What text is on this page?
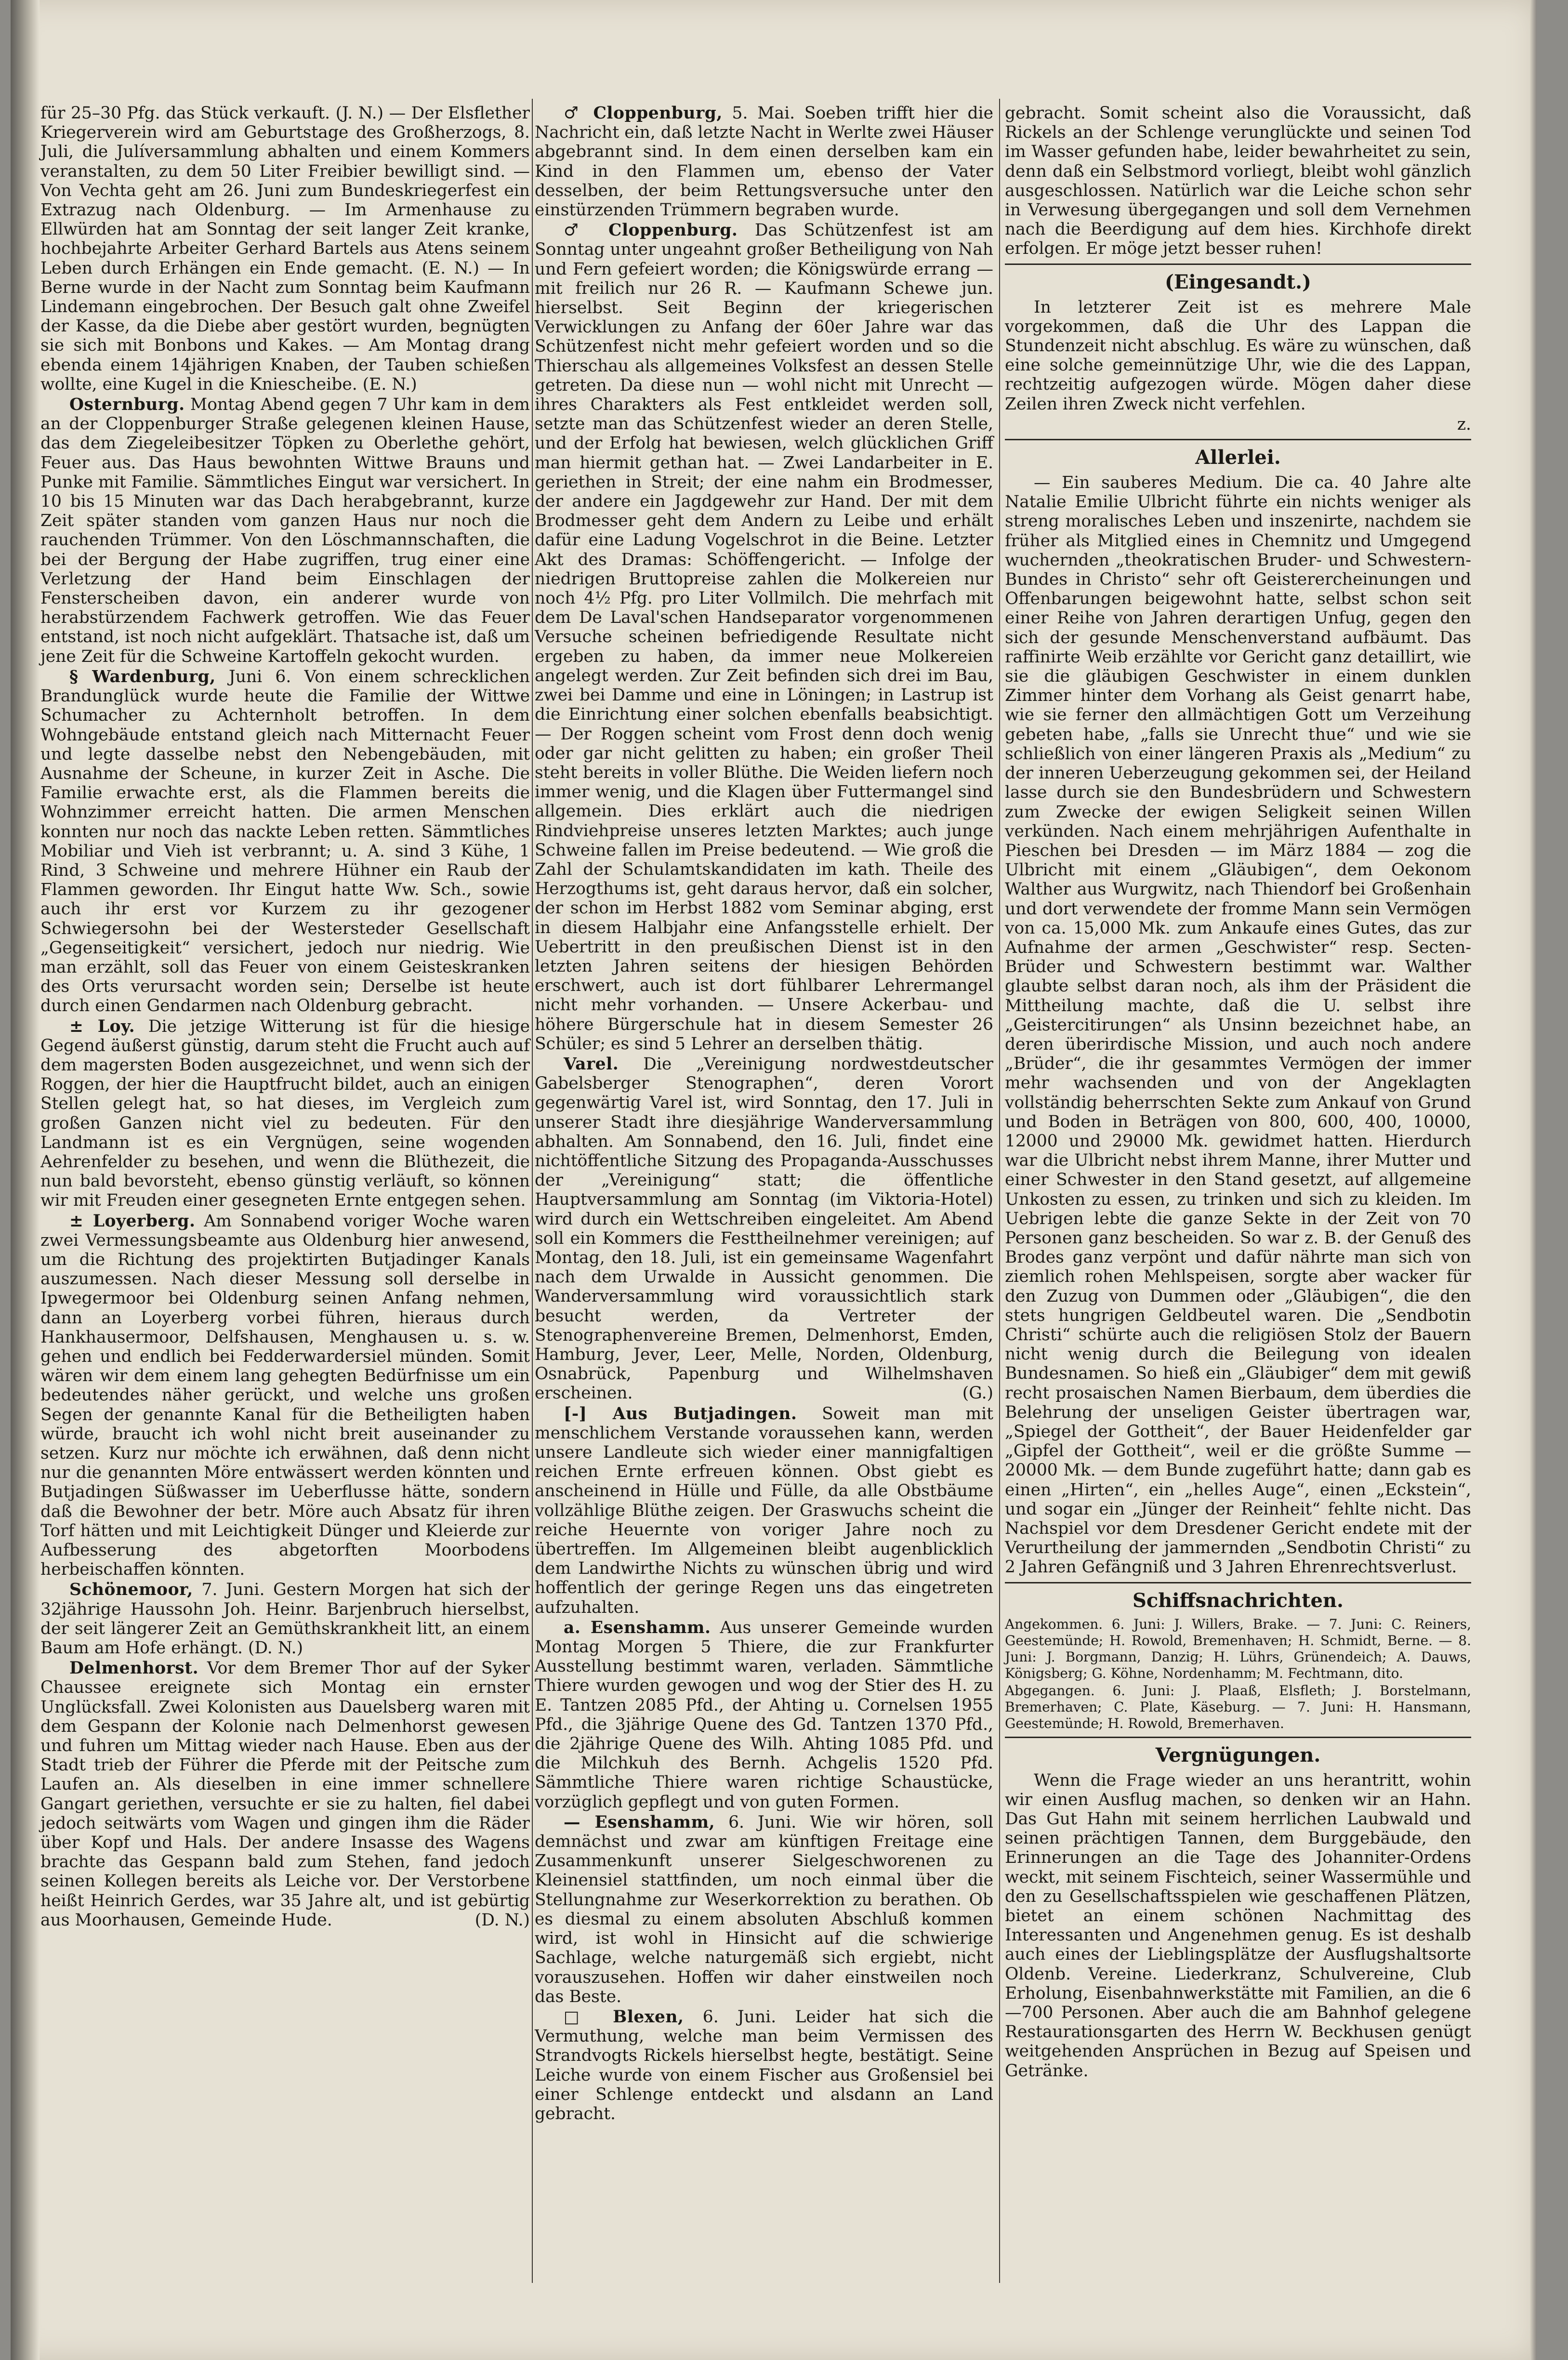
für 25–30 Pfg. das Stück verkauft. (J. N.) — Der Elsflether Kriegerverein wird am Geburtstage des Großherzogs, 8. Juli, die Julíversammlung abhalten und einem Kommers veranstalten, zu dem 50 Liter Freibier bewilligt sind. — Von Vechta geht am 26. Juni zum Bundeskriegerfest ein Extrazug nach Oldenburg. — Im Armenhause zu Ellwürden hat am Sonntag der seit langer Zeit kranke, hochbejahrte Arbeiter Gerhard Bartels aus Atens seinem Leben durch Erhängen ein Ende gemacht. (E. N.) — In Berne wurde in der Nacht zum Sonntag beim Kaufmann Lindemann eingebrochen. Der Besuch galt ohne Zweifel der Kasse, da die Diebe aber gestört wurden, begnügten sie sich mit Bonbons und Kakes. — Am Montag drang ebenda einem 14jährigen Knaben, der Tauben schießen wollte, eine Kugel in die Kniescheibe. (E. N.)

Osternburg. Montag Abend gegen 7 Uhr kam in dem an der Cloppenburger Straße gelegenen kleinen Hause, das dem Ziegeleibesitzer Töpken zu Oberlethe gehört, Feuer aus. Das Haus bewohnten Wittwe Brauns und Punke mit Familie. Sämmtliches Eingut war versichert. In 10 bis 15 Minuten war das Dach herabgebrannt, kurze Zeit später standen vom ganzen Haus nur noch die rauchenden Trümmer. Von den Löschmannschaften, die bei der Bergung der Habe zugriffen, trug einer eine Verletzung der Hand beim Einschlagen der Fensterscheiben davon, ein anderer wurde von herabstürzendem Fachwerk getroffen. Wie das Feuer entstand, ist noch nicht aufgeklärt. Thatsache ist, daß um jene Zeit für die Schweine Kartoffeln gekocht wurden.

§ Wardenburg, Juni 6. Von einem schrecklichen Brandunglück wurde heute die Familie der Wittwe Schumacher zu Achternholt betroffen. In dem Wohngebäude entstand gleich nach Mitternacht Feuer und legte dasselbe nebst den Nebengebäuden, mit Ausnahme der Scheune, in kurzer Zeit in Asche. Die Familie erwachte erst, als die Flammen bereits die Wohnzimmer erreicht hatten. Die armen Menschen konnten nur noch das nackte Leben retten. Sämmtliches Mobiliar und Vieh ist verbrannt; u. A. sind 3 Kühe, 1 Rind, 3 Schweine und mehrere Hühner ein Raub der Flammen geworden. Ihr Eingut hatte Ww. Sch., sowie auch ihr erst vor Kurzem zu ihr gezogener Schwiegersohn bei der Westersteder Gesellschaft „Gegenseitigkeit“ versichert, jedoch nur niedrig. Wie man erzählt, soll das Feuer von einem Geisteskranken des Orts verursacht worden sein; Derselbe ist heute durch einen Gendarmen nach Oldenburg gebracht.

± Loy. Die jetzige Witterung ist für die hiesige Gegend äußerst günstig, darum steht die Frucht auch auf dem magersten Boden ausgezeichnet, und wenn sich der Roggen, der hier die Hauptfrucht bildet, auch an einigen Stellen gelegt hat, so hat dieses, im Vergleich zum großen Ganzen nicht viel zu bedeuten. Für den Landmann ist es ein Vergnügen, seine wogenden Aehrenfelder zu besehen, und wenn die Blüthezeit, die nun bald bevorsteht, ebenso günstig verläuft, so können wir mit Freuden einer gesegneten Ernte entgegen sehen.

± Loyerberg. Am Sonnabend voriger Woche waren zwei Vermessungsbeamte aus Oldenburg hier anwesend, um die Richtung des projektirten Butjadinger Kanals auszumessen. Nach dieser Messung soll derselbe in Ipwegermoor bei Oldenburg seinen Anfang nehmen, dann an Loyerberg vorbei führen, hieraus durch Hankhausermoor, Delfshausen, Menghausen u. s. w. gehen und endlich bei Fedderwardersiel münden. Somit wären wir dem einem lang gehegten Bedürfnisse um ein bedeutendes näher gerückt, und welche uns großen Segen der genannte Kanal für die Betheiligten haben würde, braucht ich wohl nicht breit auseinander zu setzen. Kurz nur möchte ich erwähnen, daß denn nicht nur die genannten Möre entwässert werden könnten und Butjadingen Süßwasser im Ueberflusse hätte, sondern daß die Bewohner der betr. Möre auch Absatz für ihren Torf hätten und mit Leichtigkeit Dünger und Kleierde zur Aufbesserung des abgetorften Moorbodens herbeischaffen könnten.

Schönemoor, 7. Juni. Gestern Morgen hat sich der 32jährige Haussohn Joh. Heinr. Barjenbruch hierselbst, der seit längerer Zeit an Gemüthskrankheit litt, an einem Baum am Hofe erhängt. (D. N.)

Delmenhorst. Vor dem Bremer Thor auf der Syker Chaussee ereignete sich Montag ein ernster Unglücksfall. Zwei Kolonisten aus Dauelsberg waren mit dem Gespann der Kolonie nach Delmenhorst gewesen und fuhren um Mittag wieder nach Hause. Eben aus der Stadt trieb der Führer die Pferde mit der Peitsche zum Laufen an. Als dieselben in eine immer schnellere Gangart geriethen, versuchte er sie zu halten, fiel dabei jedoch seitwärts vom Wagen und gingen ihm die Räder über Kopf und Hals. Der andere Insasse des Wagens brachte das Gespann bald zum Stehen, fand jedoch seinen Kollegen bereits als Leiche vor. Der Verstorbene heißt Heinrich Gerdes, war 35 Jahre alt, und ist gebürtig aus Moorhausen, Gemeinde Hude.	(D. N.)

♂ Cloppenburg, 5. Mai. Soeben trifft hier die Nachricht ein, daß letzte Nacht in Werlte zwei Häuser abgebrannt sind. In dem einen derselben kam ein Kind in den Flammen um, ebenso der Vater desselben, der beim Rettungsversuche unter den einstürzenden Trümmern begraben wurde.

♂ Cloppenburg. Das Schützenfest ist am Sonntag unter ungeahnt großer Betheiligung von Nah und Fern gefeiert worden; die Königswürde errang — mit freilich nur 26 R. — Kaufmann Schewe jun. hierselbst. Seit Beginn der kriegerischen Verwicklungen zu Anfang der 60er Jahre war das Schützenfest nicht mehr gefeiert worden und so die Thierschau als allgemeines Volksfest an dessen Stelle getreten. Da diese nun — wohl nicht mit Unrecht — ihres Charakters als Fest entkleidet werden soll, setzte man das Schützenfest wieder an deren Stelle, und der Erfolg hat bewiesen, welch glücklichen Griff man hiermit gethan hat. — Zwei Landarbeiter in E. geriethen in Streit; der eine nahm ein Brodmesser, der andere ein Jagdgewehr zur Hand. Der mit dem Brodmesser geht dem Andern zu Leibe und erhält dafür eine Ladung Vogelschrot in die Beine. Letzter Akt des Dramas: Schöffengericht. — Infolge der niedrigen Bruttopreise zahlen die Molkereien nur noch 4½ Pfg. pro Liter Vollmilch. Die mehrfach mit dem De Laval'schen Handseparator vorgenommenen Versuche scheinen befriedigende Resultate nicht ergeben zu haben, da immer neue Molkereien angelegt werden. Zur Zeit befinden sich drei im Bau, zwei bei Damme und eine in Löningen; in Lastrup ist die Einrichtung einer solchen ebenfalls beabsichtigt. — Der Roggen scheint vom Frost denn doch wenig oder gar nicht gelitten zu haben; ein großer Theil steht bereits in voller Blüthe. Die Weiden liefern noch immer wenig, und die Klagen über Futtermangel sind allgemein. Dies erklärt auch die niedrigen Rindviehpreise unseres letzten Marktes; auch junge Schweine fallen im Preise bedeutend. — Wie groß die Zahl der Schulamtskandidaten im kath. Theile des Herzogthums ist, geht daraus hervor, daß ein solcher, der schon im Herbst 1882 vom Seminar abging, erst in diesem Halbjahr eine Anfangsstelle erhielt. Der Uebertritt in den preußischen Dienst ist in den letzten Jahren seitens der hiesigen Behörden erschwert, auch ist dort fühlbarer Lehrermangel nicht mehr vorhanden. — Unsere Ackerbau- und höhere Bürgerschule hat in diesem Semester 26 Schüler; es sind 5 Lehrer an derselben thätig.

Varel. Die „Vereinigung nordwestdeutscher Gabelsberger Stenographen“, deren Vorort gegenwärtig Varel ist, wird Sonntag, den 17. Juli in unserer Stadt ihre diesjährige Wanderversammlung abhalten. Am Sonnabend, den 16. Juli, findet eine nichtöffentliche Sitzung des Propaganda-Ausschusses der „Vereinigung“ statt; die öffentliche Hauptversammlung am Sonntag (im Viktoria-Hotel) wird durch ein Wettschreiben eingeleitet. Am Abend soll ein Kommers die Festtheilnehmer vereinigen; auf Montag, den 18. Juli, ist ein gemeinsame Wagenfahrt nach dem Urwalde in Aussicht genommen. Die Wanderversammlung wird voraussichtlich stark besucht werden, da Vertreter der Stenographenvereine Bremen, Delmenhorst, Emden, Hamburg, Jever, Leer, Melle, Norden, Oldenburg, Osnabrück, Papenburg und Wilhelmshaven erscheinen.	(G.)

[-] Aus Butjadingen. Soweit man mit menschlichem Verstande voraussehen kann, werden unsere Landleute sich wieder einer mannigfaltigen reichen Ernte erfreuen können. Obst giebt es anscheinend in Hülle und Fülle, da alle Obstbäume vollzählige Blüthe zeigen. Der Graswuchs scheint die reiche Heuernte von voriger Jahre noch zu übertreffen. Im Allgemeinen bleibt augenblicklich dem Landwirthe Nichts zu wünschen übrig und wird hoffentlich der geringe Regen uns das eingetreten aufzuhalten.

a. Esenshamm. Aus unserer Gemeinde wurden Montag Morgen 5 Thiere, die zur Frankfurter Ausstellung bestimmt waren, verladen. Sämmtliche Thiere wurden gewogen und wog der Stier des H. zu E. Tantzen 2085 Pfd., der Ahting u. Cornelsen 1955 Pfd., die 3jährige Quene des Gd. Tantzen 1370 Pfd., die 2jährige Quene des Wilh. Ahting 1085 Pfd. und die Milchkuh des Bernh. Achgelis 1520 Pfd. Sämmtliche Thiere waren richtige Schaustücke, vorzüglich gepflegt und von guten Formen.

— Esenshamm, 6. Juni. Wie wir hören, soll demnächst und zwar am künftigen Freitage eine Zusammenkunft unserer Sielgeschworenen zu Kleinensiel stattfinden, um noch einmal über die Stellungnahme zur Weserkorrektion zu berathen. Ob es diesmal zu einem absoluten Abschluß kommen wird, ist wohl in Hinsicht auf die schwierige Sachlage, welche naturgemäß sich ergiebt, nicht vorauszusehen. Hoffen wir daher einstweilen noch das Beste.

□ Blexen, 6. Juni. Leider hat sich die Vermuthung, welche man beim Vermissen des Strandvogts Rickels hierselbst hegte, bestätigt. Seine Leiche wurde von einem Fischer aus Großensiel bei einer Schlenge entdeckt und alsdann an Land gebracht.

gebracht. Somit scheint also die Voraussicht, daß Rickels an der Schlenge verunglückte und seinen Tod im Wasser gefunden habe, leider bewahrheitet zu sein, denn daß ein Selbstmord vorliegt, bleibt wohl gänzlich ausgeschlossen. Natürlich war die Leiche schon sehr in Verwesung übergegangen und soll dem Vernehmen nach die Beerdigung auf dem hies. Kirchhofe direkt erfolgen. Er möge jetzt besser ruhen!

(Eingesandt.)

In letzterer Zeit ist es mehrere Male vorgekommen, daß die Uhr des Lappan die Stundenzeit nicht abschlug. Es wäre zu wünschen, daß eine solche gemeinnützige Uhr, wie die des Lappan, rechtzeitig aufgezogen würde. Mögen daher diese Zeilen ihren Zweck nicht verfehlen.

z.

Allerlei.

— Ein sauberes Medium. Die ca. 40 Jahre alte Natalie Emilie Ulbricht führte ein nichts weniger als streng moralisches Leben und inszenirte, nachdem sie früher als Mitglied eines in Chemnitz und Umgegend wuchernden „theokratischen Bruder- und Schwestern-Bundes in Christo“ sehr oft Geisterercheinungen und Offenbarungen beigewohnt hatte, selbst schon seit einer Reihe von Jahren derartigen Unfug, gegen den sich der gesunde Menschenverstand aufbäumt. Das raffinirte Weib erzählte vor Gericht ganz detaillirt, wie sie die gläubigen Geschwister in einem dunklen Zimmer hinter dem Vorhang als Geist genarrt habe, wie sie ferner den allmächtigen Gott um Verzeihung gebeten habe, „falls sie Unrecht thue“ und wie sie schließlich von einer längeren Praxis als „Medium“ zu der inneren Ueberzeugung gekommen sei, der Heiland lasse durch sie den Bundesbrüdern und Schwestern zum Zwecke der ewigen Seligkeit seinen Willen verkünden. Nach einem mehrjährigen Aufenthalte in Pieschen bei Dresden — im März 1884 — zog die Ulbricht mit einem „Gläubigen“, dem Oekonom Walther aus Wurgwitz, nach Thiendorf bei Großenhain und dort verwendete der fromme Mann sein Vermögen von ca. 15,000 Mk. zum Ankaufe eines Gutes, das zur Aufnahme der armen „Geschwister“ resp. Secten-Brüder und Schwestern bestimmt war. Walther glaubte selbst daran noch, als ihm der Präsident die Mittheilung machte, daß die U. selbst ihre „Geistercitirungen“ als Unsinn bezeichnet habe, an deren überirdische Mission, und auch noch andere „Brüder“, die ihr gesammtes Vermögen der immer mehr wachsenden und von der Angeklagten vollständig beherrschten Sekte zum Ankauf von Grund und Boden in Beträgen von 800, 600, 400, 10000, 12000 und 29000 Mk. gewidmet hatten. Hierdurch war die Ulbricht nebst ihrem Manne, ihrer Mutter und einer Schwester in den Stand gesetzt, auf allgemeine Unkosten zu essen, zu trinken und sich zu kleiden. Im Uebrigen lebte die ganze Sekte in der Zeit von 70 Personen ganz bescheiden. So war z. B. der Genuß des Brodes ganz verpönt und dafür nährte man sich von ziemlich rohen Mehlspeisen, sorgte aber wacker für den Zuzug von Dummen oder „Gläubigen“, die den stets hungrigen Geldbeutel waren. Die „Sendbotin Christi“ schürte auch die religiösen Stolz der Bauern nicht wenig durch die Beilegung von idealen Bundesnamen. So hieß ein „Gläubiger“ dem mit gewiß recht prosaischen Namen Bierbaum, dem überdies die Belehrung der unseligen Geister übertragen war, „Spiegel der Gottheit“, der Bauer Heidenfelder gar „Gipfel der Gottheit“, weil er die größte Summe — 20000 Mk. — dem Bunde zugeführt hatte; dann gab es einen „Hirten“, ein „helles Auge“, einen „Eckstein“, und sogar ein „Jünger der Reinheit“ fehlte nicht. Das Nachspiel vor dem Dresdener Gericht endete mit der Verurtheilung der jammernden „Sendbotin Christi“ zu 2 Jahren Gefängniß und 3 Jahren Ehrenrechtsverlust.

Schiffsnachrichten.

Angekommen. 6. Juni: J. Willers, Brake. — 7. Juni: C. Reiners, Geestemünde; H. Rowold, Bremenhaven; H. Schmidt, Berne. — 8. Juni: J. Borgmann, Danzig; H. Lührs, Grünendeich; A. Dauws, Königsberg; G. Köhne, Nordenhamm; M. Fechtmann, dito.

Abgegangen. 6. Juni: J. Plaaß, Elsfleth; J. Borstelmann, Bremerhaven; C. Plate, Käseburg. — 7. Juni: H. Hansmann, Geestemünde; H. Rowold, Bremerhaven.

Vergnügungen.

Wenn die Frage wieder an uns herantritt, wohin wir einen Ausflug machen, so denken wir an Hahn. Das Gut Hahn mit seinem herrlichen Laubwald und seinen prächtigen Tannen, dem Burggebäude, den Erinnerungen an die Tage des Johanniter-Ordens weckt, mit seinem Fischteich, seiner Wassermühle und den zu Gesellschaftsspielen wie geschaffenen Plätzen, bietet an einem schönen Nachmittag des Interessanten und Angenehmen genug. Es ist deshalb auch eines der Lieblingsplätze der Ausflugshaltsorte Oldenb. Vereine. Liederkranz, Schulvereine, Club Erholung, Eisenbahnwerkstätte mit Familien, an die 6—700 Personen. Aber auch die am Bahnhof gelegene Restaurationsgarten des Herrn W. Beckhusen genügt weitgehenden Ansprüchen in Bezug auf Speisen und Getränke.
